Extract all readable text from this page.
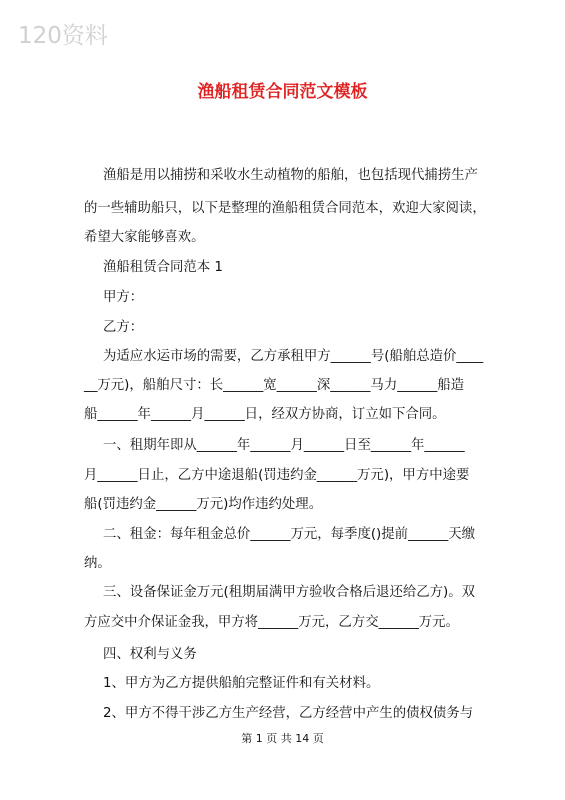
120资料
渔船租赁合同范文模板
渔船是用以捕捞和采收水生动植物的船舶，也包括现代捕捞生产
的一些辅助船只，以下是整理的渔船租赁合同范本，欢迎大家阅读，
希望大家能够喜欢。
渔船租赁合同范本 1
甲方：
乙方：
为适应水运市场的需要，乙方承租甲方______号(船舶总造价____
__万元)，船舶尺寸：长______宽______深______马力______船造
船______年______月______日，经双方协商，订立如下合同。
一、租期年即从______年______月______日至______年______
月______日止，乙方中途退船(罚违约金______万元)，甲方中途要
船(罚违约金______万元)均作违约处理。
二、租金：每年租金总价______万元，每季度()提前______天缴
纳。
三、设备保证金万元(租期届满甲方验收合格后退还给乙方)。双
方应交中介保证金我，甲方将______万元，乙方交______万元。
四、权利与义务
1、甲方为乙方提供船舶完整证件和有关材料。
2、甲方不得干涉乙方生产经营，乙方经营中产生的债权债务与
第 1 页 共 14 页
